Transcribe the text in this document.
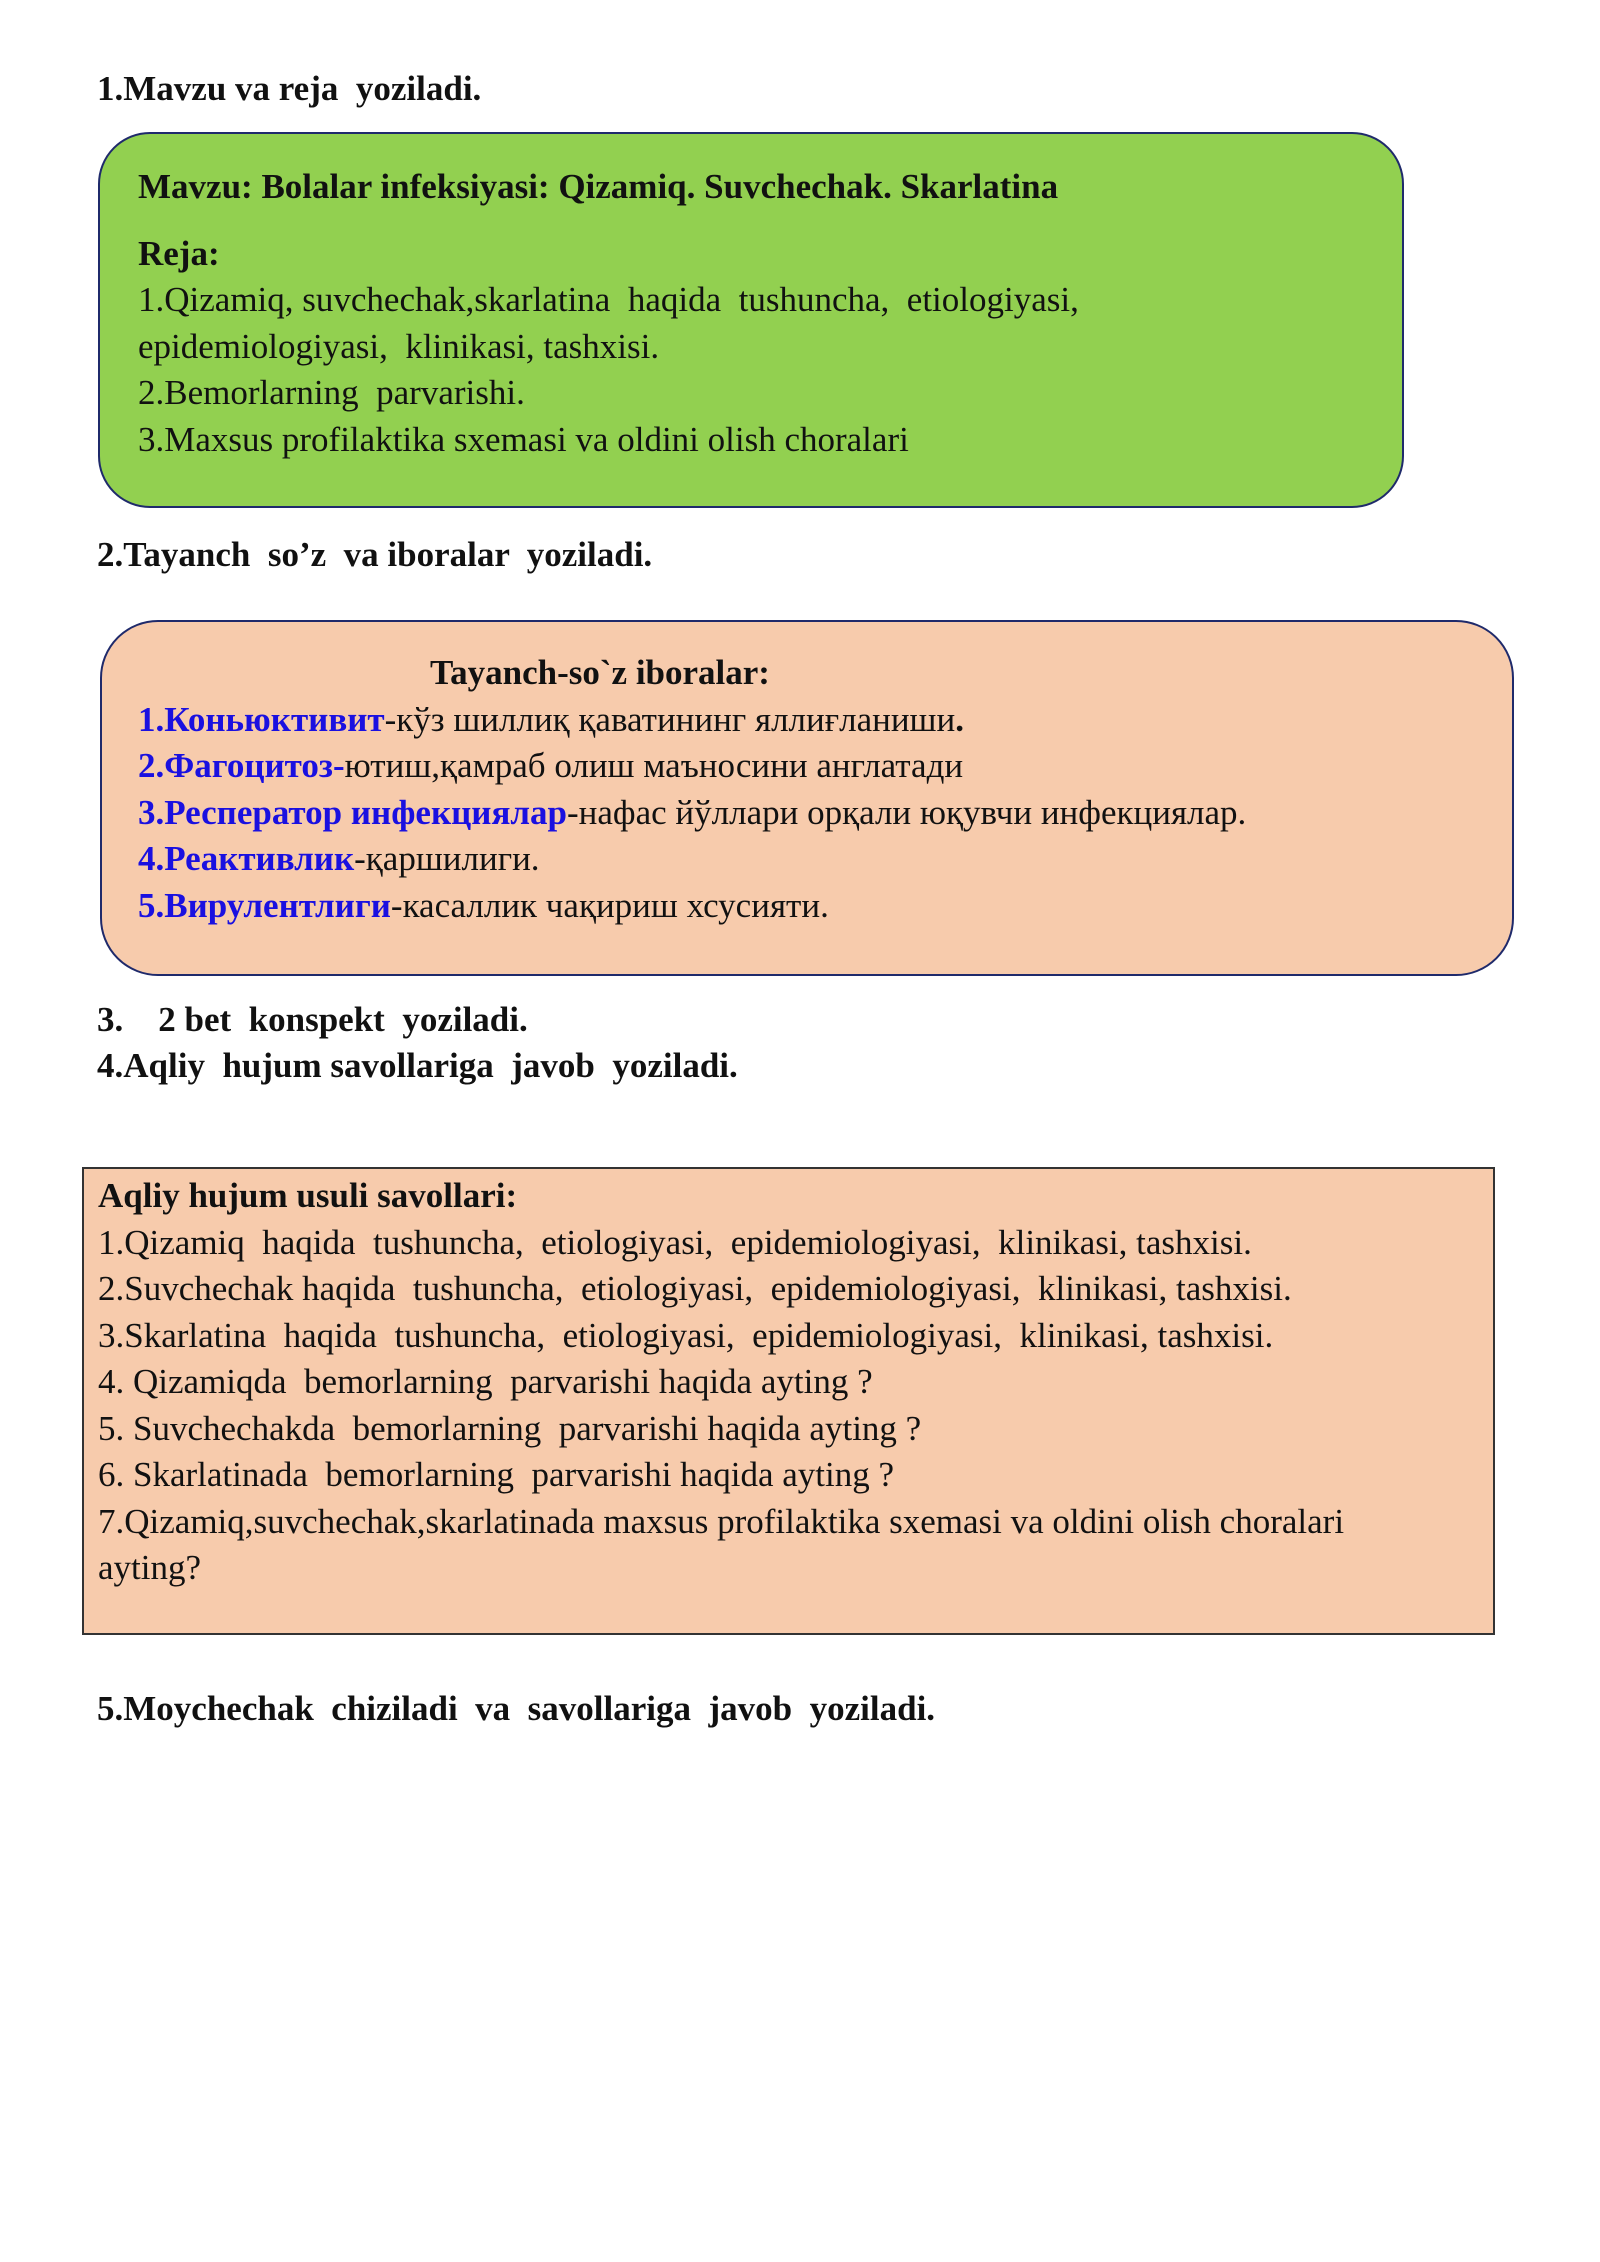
1.Mavzu va reja  yoziladi.
Mavzu: Bolalar infeksiyasi: Qizamiq. Suvchechak. Skarlatina
Reja:
1.Qizamiq, suvchechak,skarlatina  haqida  tushuncha,  etiologiyasi,
epidemiologiyasi,  klinikasi, tashxisi.
2.Bemorlarning  parvarishi.
3.Maxsus profilaktika sxemasi va oldini olish choralari
2.Tayanch  so’z  va iboralar  yoziladi.
Tayanch-so`z iboralar:
1.Коньюктивит-кўз шиллиқ қаватининг яллиғланиши.
2.Фагоцитоз-ютиш,қамраб олиш маъносини англатади
3.Респератор инфекциялар-нафас йўллари орқали юқувчи инфекциялар.
4.Реактивлик-қаршилиги.
5.Вирулентлиги-касаллик чақириш хсусияти.
3.    2 bet  konspekt  yoziladi.
4.Aqliy  hujum savollariga  javob  yoziladi.
Aqliy hujum usuli savollari:
1.Qizamiq  haqida  tushuncha,  etiologiyasi,  epidemiologiyasi,  klinikasi, tashxisi.
2.Suvchechak haqida  tushuncha,  etiologiyasi,  epidemiologiyasi,  klinikasi, tashxisi.
3.Skarlatina  haqida  tushuncha,  etiologiyasi,  epidemiologiyasi,  klinikasi, tashxisi.
4. Qizamiqda  bemorlarning  parvarishi haqida ayting ?
5. Suvchechakda  bemorlarning  parvarishi haqida ayting ?
6. Skarlatinada  bemorlarning  parvarishi haqida ayting ?
7.Qizamiq,suvchechak,skarlatinada maxsus profilaktika sxemasi va oldini olish choralari
ayting?
5.Moychechak  chiziladi  va  savollariga  javob  yoziladi.
